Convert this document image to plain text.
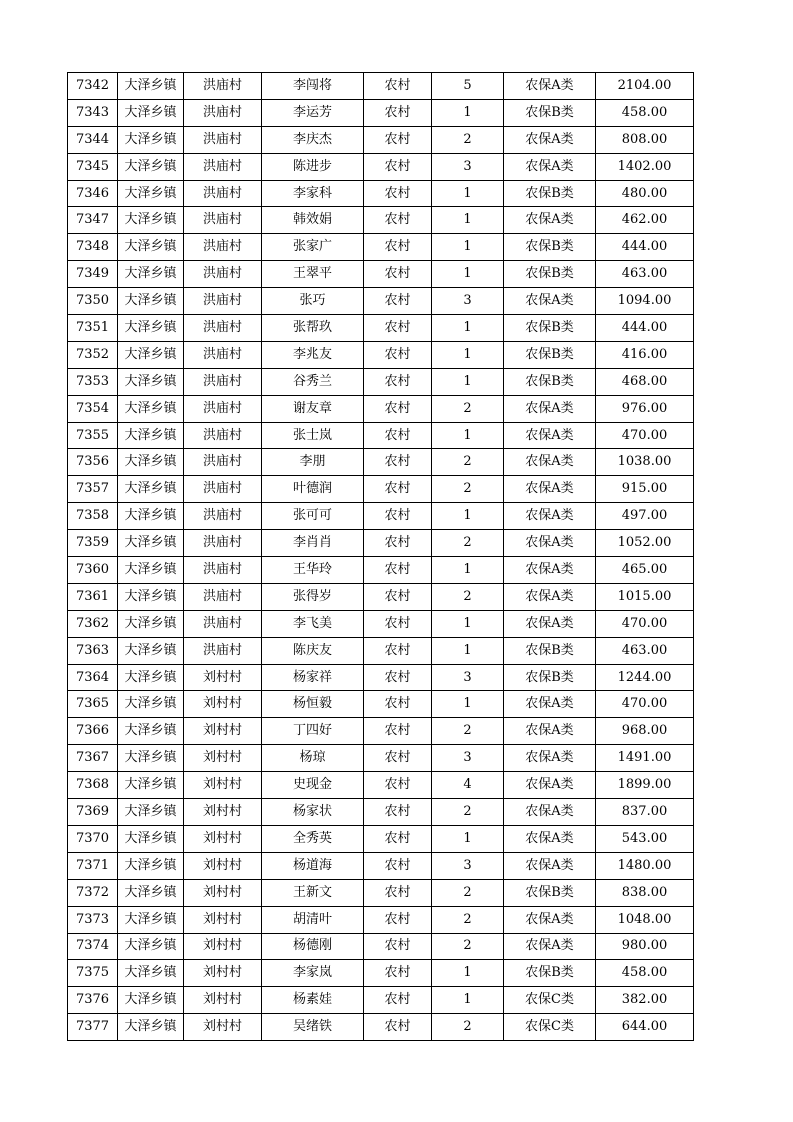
7342	大泽乡镇	洪庙村	李闯将	农村	5	农保A类	2104.00
7343	大泽乡镇	洪庙村	李运芳	农村	1	农保B类	458.00
7344	大泽乡镇	洪庙村	李庆杰	农村	2	农保A类	808.00
7345	大泽乡镇	洪庙村	陈进步	农村	3	农保A类	1402.00
7346	大泽乡镇	洪庙村	李家科	农村	1	农保B类	480.00
7347	大泽乡镇	洪庙村	韩效娟	农村	1	农保A类	462.00
7348	大泽乡镇	洪庙村	张家广	农村	1	农保B类	444.00
7349	大泽乡镇	洪庙村	王翠平	农村	1	农保B类	463.00
7350	大泽乡镇	洪庙村	张巧	农村	3	农保A类	1094.00
7351	大泽乡镇	洪庙村	张帮玖	农村	1	农保B类	444.00
7352	大泽乡镇	洪庙村	李兆友	农村	1	农保B类	416.00
7353	大泽乡镇	洪庙村	谷秀兰	农村	1	农保B类	468.00
7354	大泽乡镇	洪庙村	谢友章	农村	2	农保A类	976.00
7355	大泽乡镇	洪庙村	张士岚	农村	1	农保A类	470.00
7356	大泽乡镇	洪庙村	李朋	农村	2	农保A类	1038.00
7357	大泽乡镇	洪庙村	叶德润	农村	2	农保A类	915.00
7358	大泽乡镇	洪庙村	张可可	农村	1	农保A类	497.00
7359	大泽乡镇	洪庙村	李肖肖	农村	2	农保A类	1052.00
7360	大泽乡镇	洪庙村	王华玲	农村	1	农保A类	465.00
7361	大泽乡镇	洪庙村	张得岁	农村	2	农保A类	1015.00
7362	大泽乡镇	洪庙村	李飞美	农村	1	农保A类	470.00
7363	大泽乡镇	洪庙村	陈庆友	农村	1	农保B类	463.00
7364	大泽乡镇	刘村村	杨家祥	农村	3	农保B类	1244.00
7365	大泽乡镇	刘村村	杨恒毅	农村	1	农保A类	470.00
7366	大泽乡镇	刘村村	丁四好	农村	2	农保A类	968.00
7367	大泽乡镇	刘村村	杨琼	农村	3	农保A类	1491.00
7368	大泽乡镇	刘村村	史现金	农村	4	农保A类	1899.00
7369	大泽乡镇	刘村村	杨家状	农村	2	农保A类	837.00
7370	大泽乡镇	刘村村	全秀英	农村	1	农保A类	543.00
7371	大泽乡镇	刘村村	杨道海	农村	3	农保A类	1480.00
7372	大泽乡镇	刘村村	王新文	农村	2	农保B类	838.00
7373	大泽乡镇	刘村村	胡清叶	农村	2	农保A类	1048.00
7374	大泽乡镇	刘村村	杨德刚	农村	2	农保A类	980.00
7375	大泽乡镇	刘村村	李家岚	农村	1	农保B类	458.00
7376	大泽乡镇	刘村村	杨素娃	农村	1	农保C类	382.00
7377	大泽乡镇	刘村村	吴绪铁	农村	2	农保C类	644.00
